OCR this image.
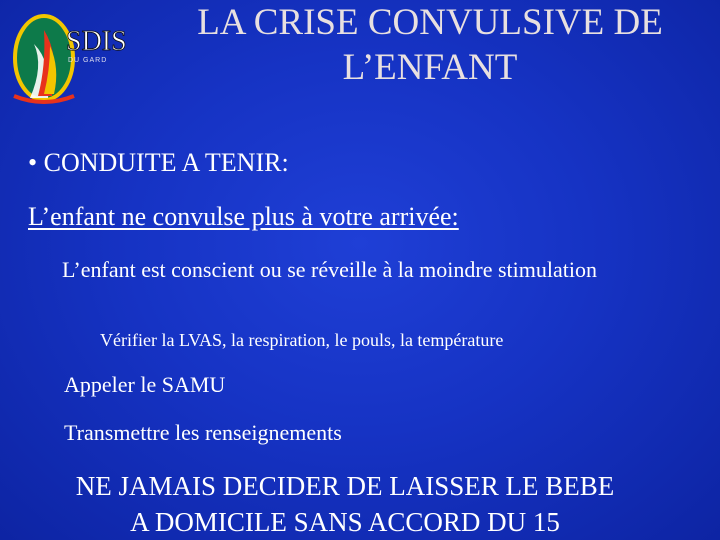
SDIS
DU GARD
LA CRISE CONVULSIVE DE L’ENFANT
• CONDUITE A TENIR:
L’enfant ne convulse plus à votre arrivée:
L’enfant est conscient ou se réveille à la moindre stimulation
Vérifier la LVAS, la respiration, le pouls, la température
Appeler le SAMU
Transmettre les renseignements
NE JAMAIS DECIDER DE LAISSER LE BEBE
A DOMICILE SANS ACCORD DU 15
